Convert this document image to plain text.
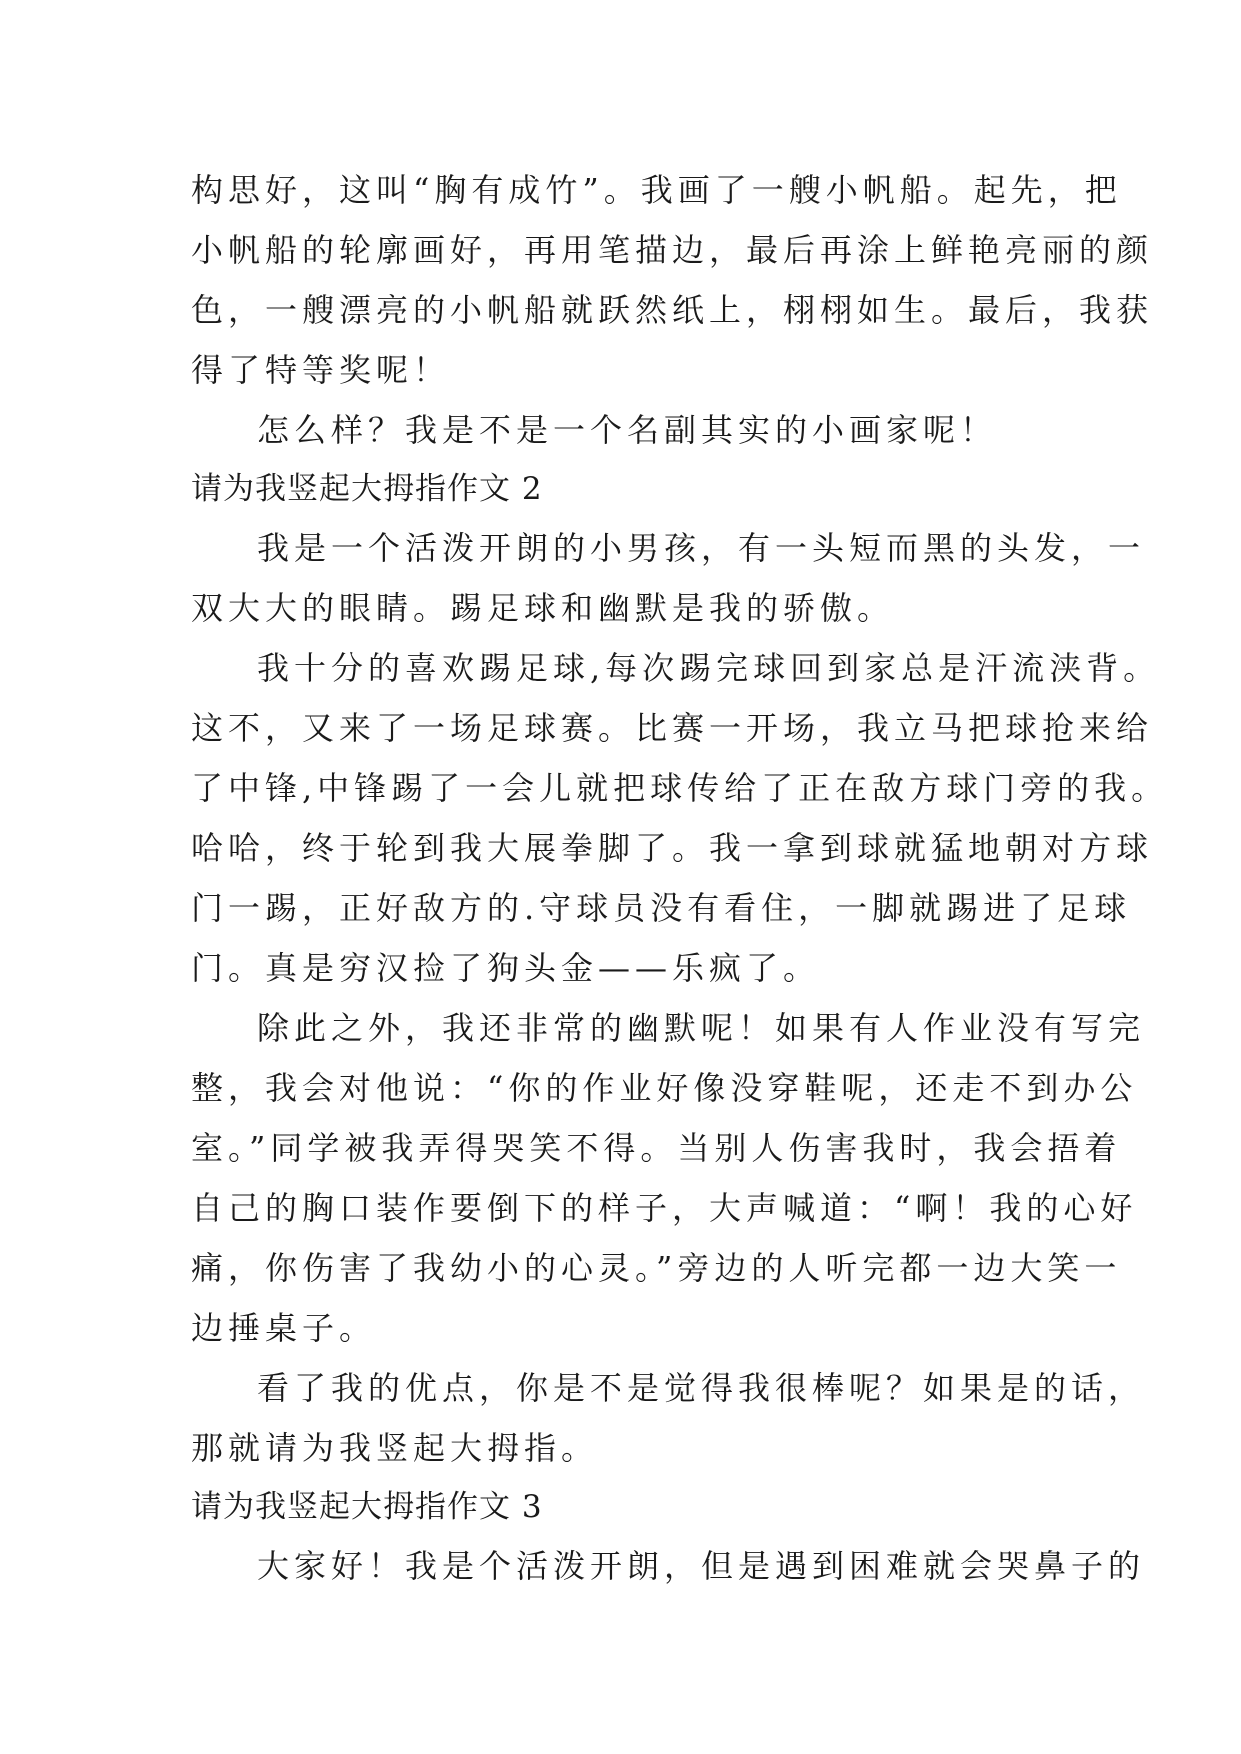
构思好，这叫“胸有成竹”。我画了一艘小帆船。起先，把
小帆船的轮廓画好，再用笔描边，最后再涂上鲜艳亮丽的颜
色，一艘漂亮的小帆船就跃然纸上，栩栩如生。最后，我获
得了特等奖呢！
怎么样？我是不是一个名副其实的小画家呢！
请为我竖起大拇指作文 2
我是一个活泼开朗的小男孩，有一头短而黑的头发，一
双大大的眼睛。踢足球和幽默是我的骄傲。
我十分的喜欢踢足球,每次踢完球回到家总是汗流浃背。
这不，又来了一场足球赛。比赛一开场，我立马把球抢来给
了中锋,中锋踢了一会儿就把球传给了正在敌方球门旁的我。
哈哈，终于轮到我大展拳脚了。我一拿到球就猛地朝对方球
门一踢，正好敌方的.守球员没有看住，一脚就踢进了足球
门。真是穷汉捡了狗头金——乐疯了。
除此之外，我还非常的幽默呢！如果有人作业没有写完
整，我会对他说：“你的作业好像没穿鞋呢，还走不到办公
室。”同学被我弄得哭笑不得。当别人伤害我时，我会捂着
自己的胸口装作要倒下的样子，大声喊道：“啊！我的心好
痛，你伤害了我幼小的心灵。”旁边的人听完都一边大笑一
边捶桌子。
看了我的优点，你是不是觉得我很棒呢？如果是的话，
那就请为我竖起大拇指。
请为我竖起大拇指作文 3
大家好！我是个活泼开朗，但是遇到困难就会哭鼻子的
